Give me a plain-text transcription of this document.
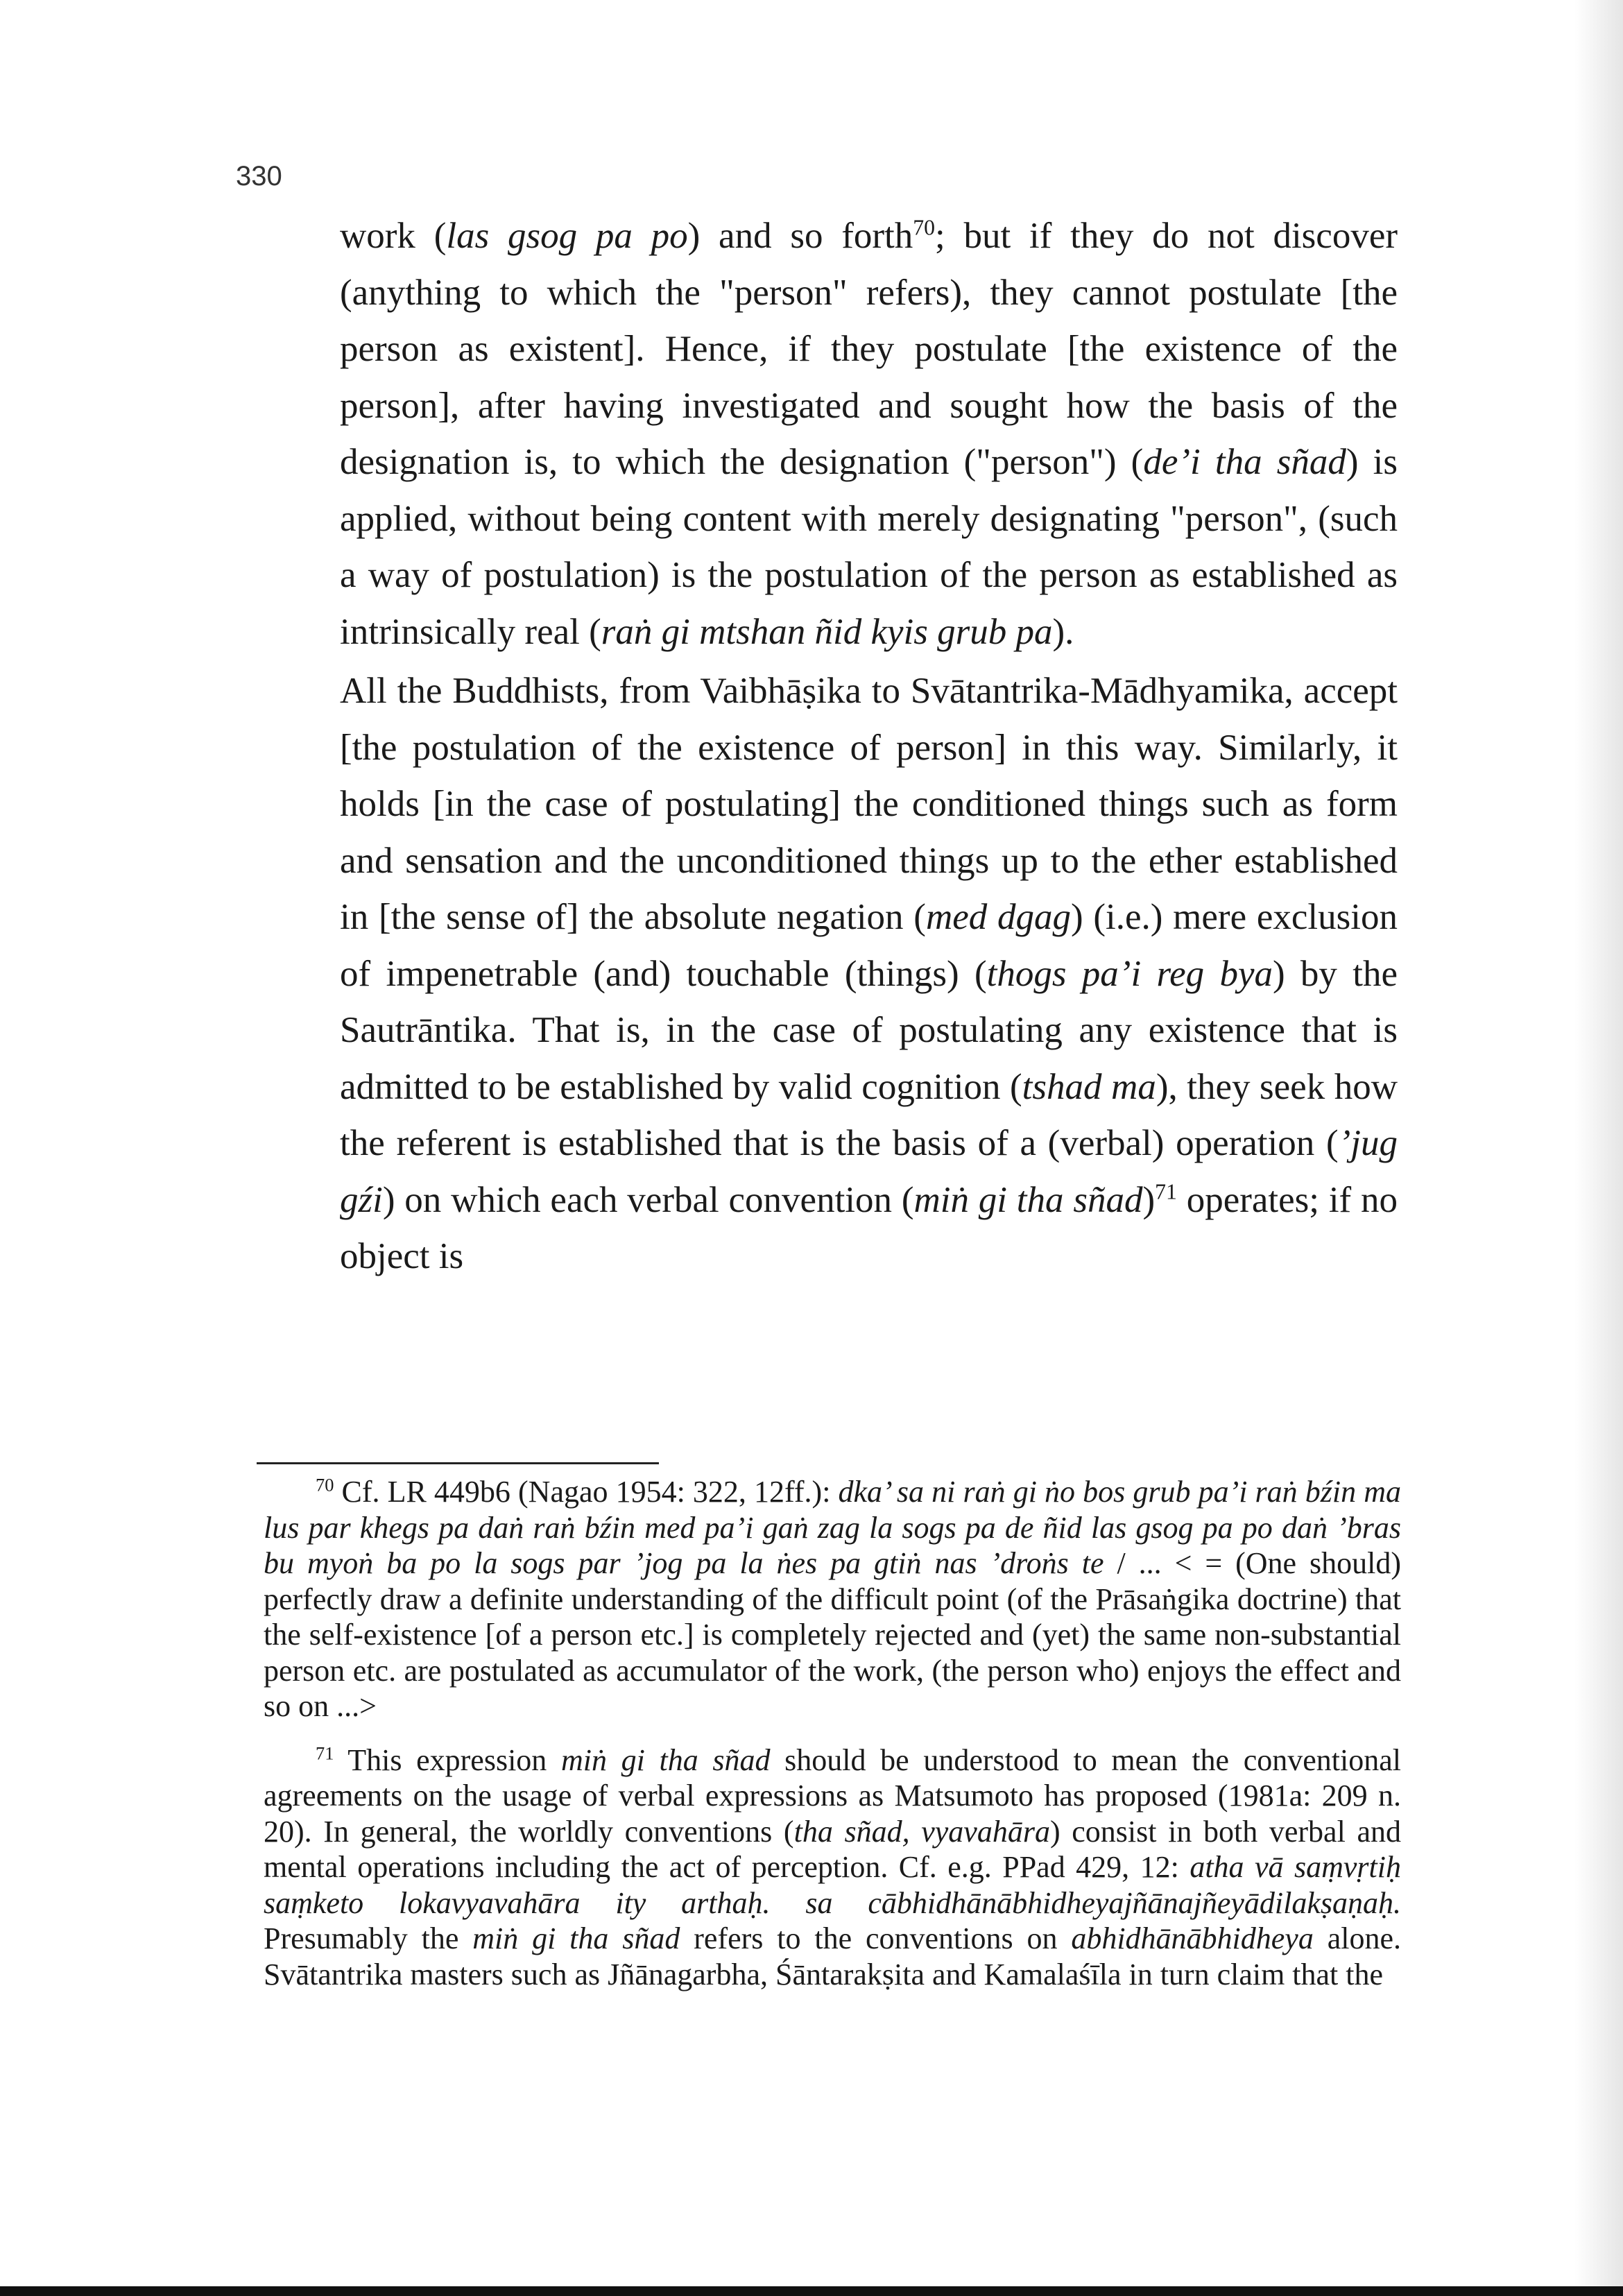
330

work (las gsog pa po) and so forth$^{70}$; but if they do not discover (anything to which the "person" refers), they cannot postulate [the person as existent]. Hence, if they postulate [the existence of the person], after having investigated and sought how the basis of the designation is, to which the designation ("person") (de’i tha sñad) is applied, without being content with merely designating "person", (such a way of postulation) is the postulation of the person as established as intrinsically real (raṅ gi mtshan ñid kyis grub pa).

All the Buddhists, from Vaibhāṣika to Svātantrika-Mādhyamika, accept [the postulation of the existence of person] in this way. Similarly, it holds [in the case of postulating] the conditioned things such as form and sensation and the unconditioned things up to the ether established in [the sense of] the absolute negation (med dgag) (i.e.) mere exclusion of impenetrable (and) touchable (things) (thogs pa’i reg bya) by the Sautrāntika. That is, in the case of postulating any existence that is admitted to be established by valid cognition (tshad ma), they seek how the referent is established that is the basis of a (verbal) operation (’jug gźi) on which each verbal convention (miṅ gi tha sñad)$^{71}$ operates; if no object is

$^{70}$ Cf. LR 449b6 (Nagao 1954: 322, 12ff.): dka’ sa ni raṅ gi ṅo bos grub pa’i raṅ bźin ma lus par khegs pa daṅ raṅ bźin med pa’i gaṅ zag la sogs pa de ñid las gsog pa po daṅ ’bras bu myoṅ ba po la sogs par ’jog pa la ṅes pa gtiṅ nas ’droṅs te / ... < = (One should) perfectly draw a definite understanding of the difficult point (of the Prāsaṅgika doctrine) that the self-existence [of a person etc.] is completely rejected and (yet) the same non-substantial person etc. are postulated as accumulator of the work, (the person who) enjoys the effect and so on ...>

$^{71}$ This expression miṅ gi tha sñad should be understood to mean the conventional agreements on the usage of verbal expressions as Matsumoto has proposed (1981a: 209 n. 20). In general, the worldly conventions (tha sñad, vyavahāra) consist in both verbal and mental operations including the act of perception. Cf. e.g. PPad 429, 12: atha vā saṃvṛtiḥ saṃketo lokavyavahāra ity arthaḥ. sa cābhidhānābhidheyajñānajñeyādilakṣaṇaḥ. Presumably the miṅ gi tha sñad refers to the conventions on abhidhānābhidheya alone. Svātantrika masters such as Jñānagarbha, Śāntarakṣita and Kamalaśīla in turn claim that the
